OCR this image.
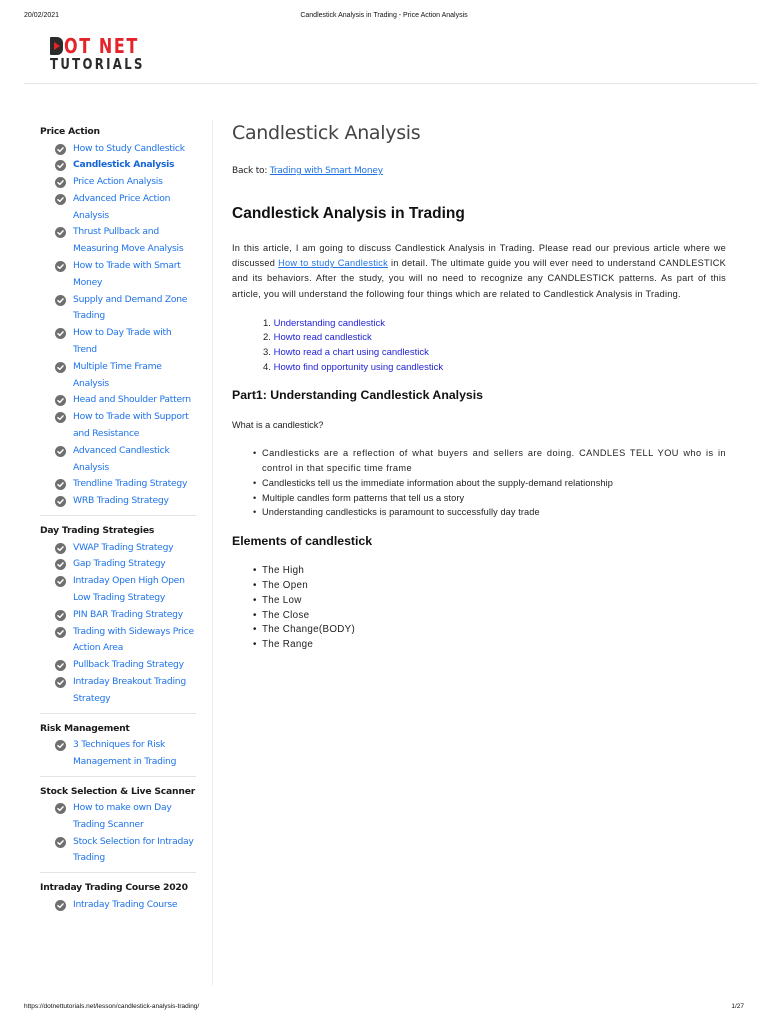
20/02/2021	Candlestick Analysis in Trading - Price Action Analysis
OT NET
TUTORIALS
Price Action
How to Study Candlestick
Candlestick Analysis
Price Action Analysis
Advanced Price Action Analysis
Thrust Pullback and Measuring Move Analysis
How to Trade with Smart Money
Supply and Demand Zone Trading
How to Day Trade with Trend
Multiple Time Frame Analysis
Head and Shoulder Pattern
How to Trade with Support and Resistance
Advanced Candlestick Analysis
Trendline Trading Strategy
WRB Trading Strategy
Day Trading Strategies
VWAP Trading Strategy
Gap Trading Strategy
Intraday Open High Open Low Trading Strategy
PIN BAR Trading Strategy
Trading with Sideways Price Action Area
Pullback Trading Strategy
Intraday Breakout Trading Strategy
Risk Management
3 Techniques for Risk Management in Trading
Stock Selection & Live Scanner
How to make own Day Trading Scanner
Stock Selection for Intraday Trading
Intraday Trading Course 2020
Intraday Trading Course
Candlestick Analysis
Back to: Trading with Smart Money
Candlestick Analysis in Trading

In this article, I am going to discuss Candlestick Analysis in Trading. Please read our previous article where we discussed How to study Candlestick in detail. The ultimate guide you will ever need to understand CANDLESTICK and its behaviors. After the study, you will no need to recognize any CANDLESTICK patterns. As part of this article, you will understand the following four things which are related to Candlestick Analysis in Trading.

1. Understanding candlestick
2. Howto read candlestick
3. Howto read a chart using candlestick
4. Howto find opportunity using candlestick
Part1: Understanding Candlestick Analysis

What is a candlestick?

• Candlesticks are a reflection of what buyers and sellers are doing. CANDLES TELL YOU who is in control in that specific time frame
• Candlesticks tell us the immediate information about the supply-demand relationship
• Multiple candles form patterns that tell us a story
• Understanding candlesticks is paramount to successfully day trade
Elements of candlestick
• The High
• The Open
• The Low
• The Close
• The Change(BODY)
• The Range
https://dotnettutorials.net/lesson/candlestick-analysis-trading/	1/27
